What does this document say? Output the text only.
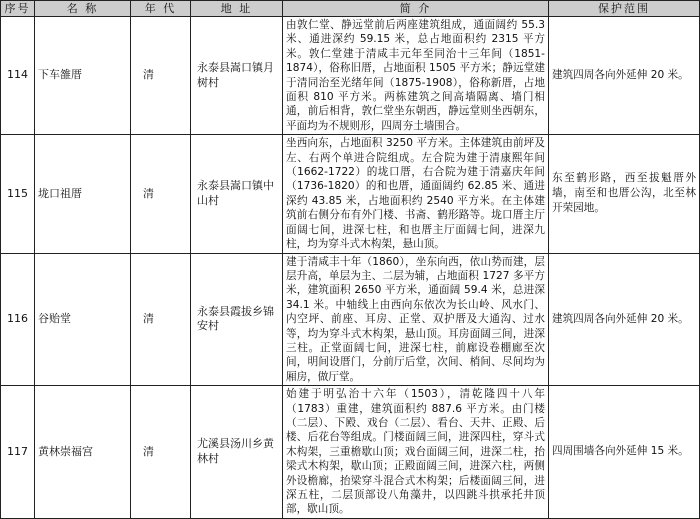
序号	名 称	年 代	地 址	简 介	保护范围
114	下车雒厝	清	永泰县嵩口镇月树村	由敦仁堂、静远堂前后两座建筑组成，通面阔约 55.3 米、通进深约 59.15 米，总占地面积约 2315 平方米。敦仁堂建于清咸丰元年至同治十三年间（1851-1874），俗称旧厝，占地面积 1505 平方米；静远堂建于清同治至光绪年间（1875-1908），俗称新厝，占地面积 810 平方米。两栋建筑之间高墙隔离、墙门相通，前后相背，敦仁堂坐东朝西，静远堂则坐西朝东，平面均为不规则形，四周夯土墙围合。	建筑四周各向外延伸 20 米。
115	垅口祖厝	清	永泰县嵩口镇中山村	坐西向东，占地面积 3250 平方米。主体建筑由前坪及左、右两个单进合院组成。左合院为建于清康熙年间（1662-1722）的垅口厝，右合院为建于清嘉庆年间（1736-1820）的和也厝，通面阔约 62.85 米、通进深约 43.85 米，占地面积约 2540 平方米。在主体建筑前右侧分布有外门楼、书斋、鹤形路等。垅口厝主厅面阔七间，进深七柱，和也厝主厅面阔七间，进深九柱，均为穿斗式木构架，悬山顶。	东至鹤形路，西至拔魁厝外墙，南至和也厝公沟，北至林开荣园地。
116	谷贻堂	清	永泰县霞拔乡锦安村	建于清咸丰十年（1860），坐东向西，依山势而建，层层升高，单层为主、二层为辅，占地面积 1727 多平方米，建筑面积 2650 平方米，通面阔 59.4 米，总进深 34.1 米。中轴线上由西向东依次为长山岭、风水门、内空坪、前座、耳房、正堂、双护厝及大通沟、过水等，均为穿斗式木构架，悬山顶。耳房面阔三间，进深三柱。正堂面阔七间，进深七柱，前廊设卷棚廊至次间，明间设厝门，分前厅后堂，次间、梢间、尽间均为厢房，做厅堂。	建筑四周各向外延伸 20 米。
117	黄林崇福宫	清	尤溪县汤川乡黄林村	始建于明弘治十六年（1503），清乾隆四十八年（1783）重建，建筑面积约 887.6 平方米。由门楼（二层）、下殿、戏台（二层）、看台、天井、正殿、后楼、后花台等组成。门楼面阔三间，进深四柱，穿斗式木构架，三重檐歇山顶；戏台面阔三间，进深二柱，抬梁式木构架，歇山顶；正殿面阔三间，进深六柱，两侧外设檐廊，抬梁穿斗混合式木构架；后楼面阔三间，进深五柱，二层顶部设八角藻井，以四跳斗拱承托井顶部，歇山顶。	四周围墙各向外延伸 15 米。
